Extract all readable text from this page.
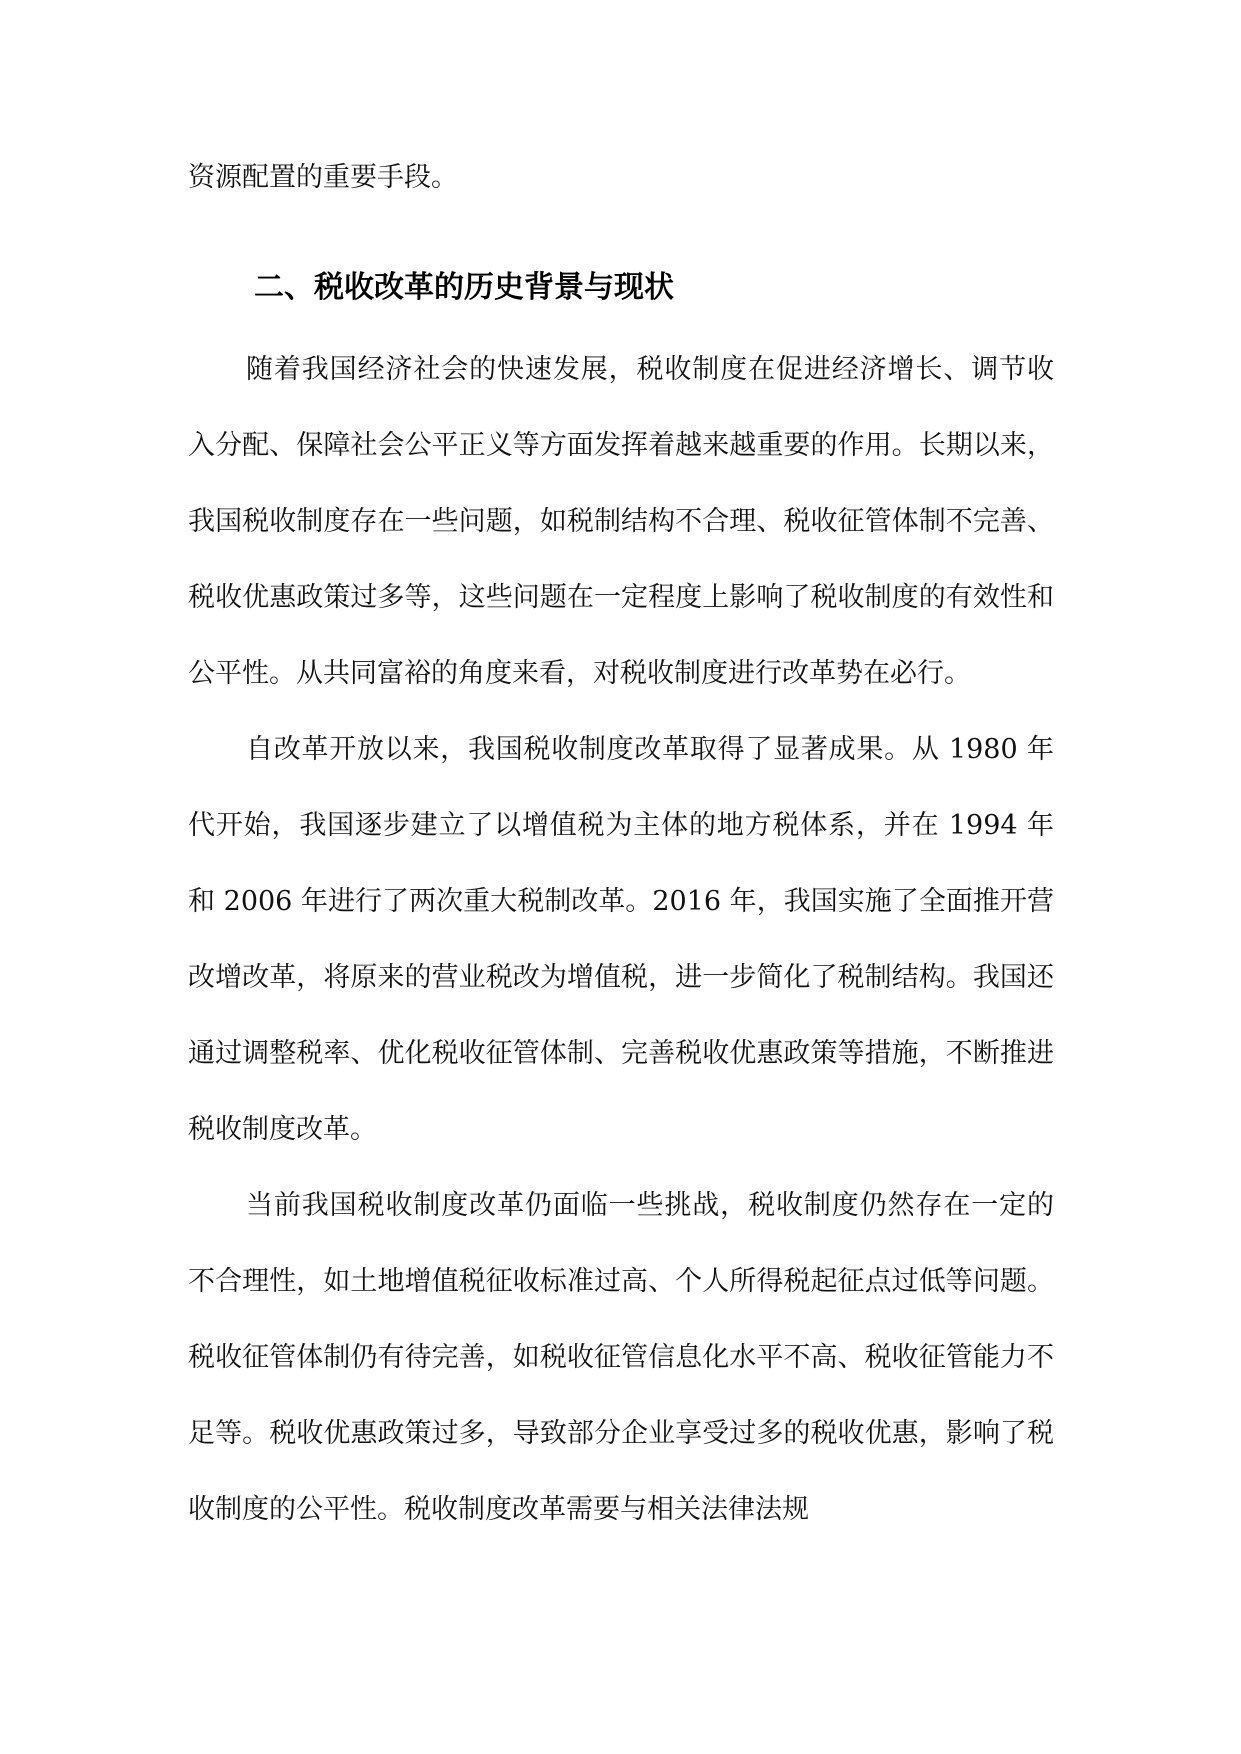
资源配置的重要手段。

二、税收改革的历史背景与现状

随着我国经济社会的快速发展，税收制度在促进经济增长、调节收入分配、保障社会公平正义等方面发挥着越来越重要的作用。长期以来，我国税收制度存在一些问题，如税制结构不合理、税收征管体制不完善、税收优惠政策过多等，这些问题在一定程度上影响了税收制度的有效性和公平性。从共同富裕的角度来看，对税收制度进行改革势在必行。

自改革开放以来，我国税收制度改革取得了显著成果。从 1980 年代开始，我国逐步建立了以增值税为主体的地方税体系，并在 1994 年和 2006 年进行了两次重大税制改革。2016 年，我国实施了全面推开营改增改革，将原来的营业税改为增值税，进一步简化了税制结构。我国还通过调整税率、优化税收征管体制、完善税收优惠政策等措施，不断推进税收制度改革。

当前我国税收制度改革仍面临一些挑战，税收制度仍然存在一定的不合理性，如土地增值税征收标准过高、个人所得税起征点过低等问题。税收征管体制仍有待完善，如税收征管信息化水平不高、税收征管能力不足等。税收优惠政策过多，导致部分企业享受过多的税收优惠，影响了税收制度的公平性。税收制度改革需要与相关法律法规
